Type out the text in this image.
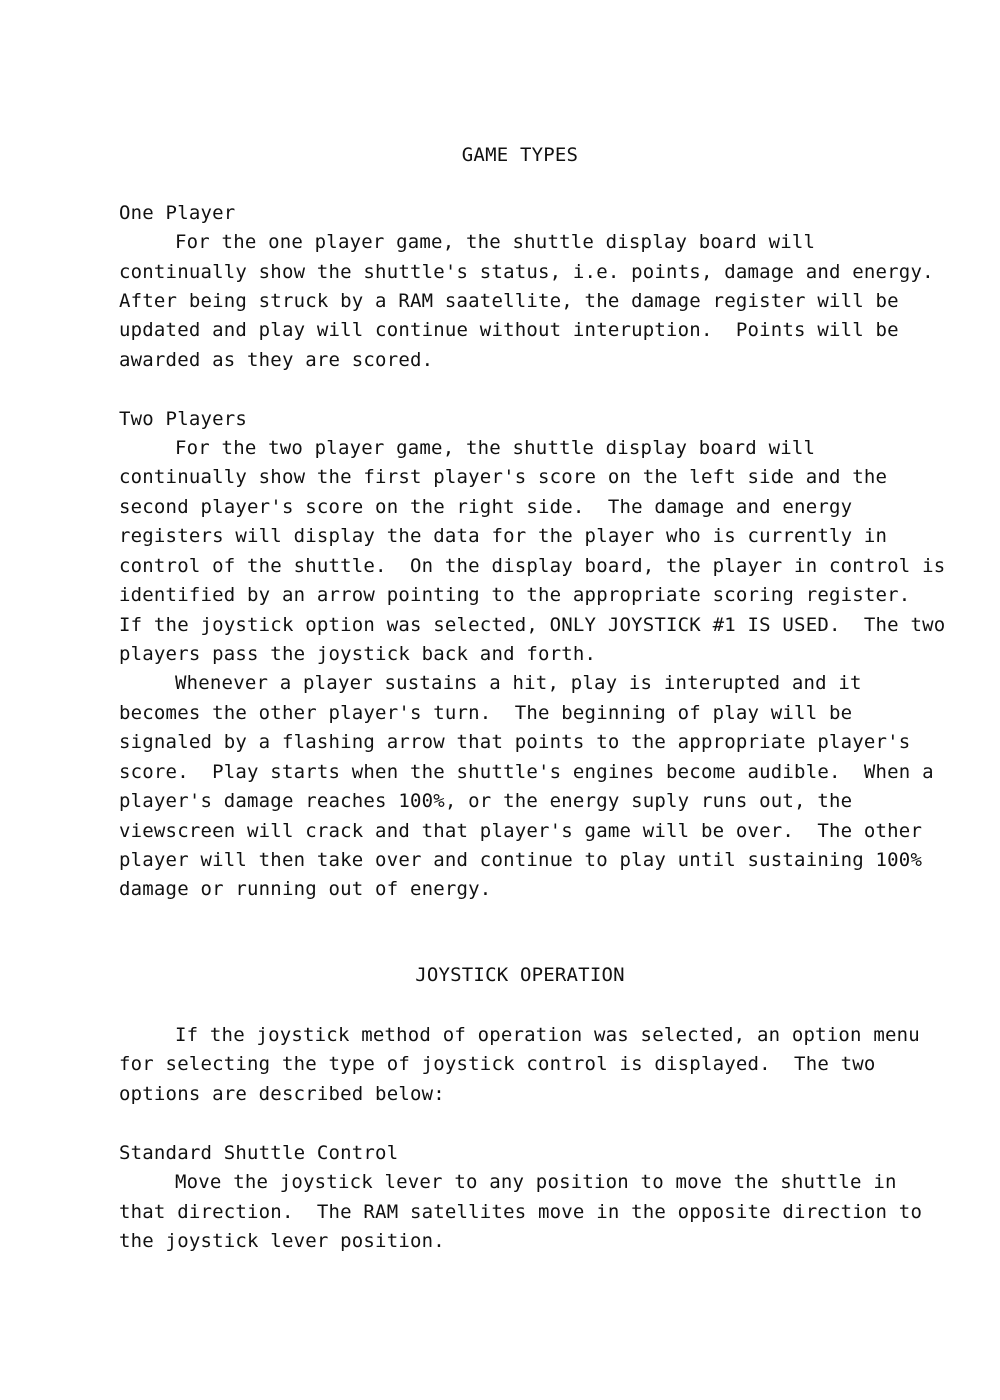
GAME TYPES

One Player

For the one player game, the shuttle display board will

continually show the shuttle's status, i.e. points, damage and energy.

After being struck by a RAM saatellite, the damage register will be

updated and play will continue without interuption.  Points will be

awarded as they are scored.

Two Players

For the two player game, the shuttle display board will

continually show the first player's score on the left side and the

second player's score on the right side.  The damage and energy

registers will display the data for the player who is currently in

control of the shuttle.  On the display board, the player in control is

identified by an arrow pointing to the appropriate scoring register.

If the joystick option was selected, ONLY JOYSTICK #1 IS USED.  The two

players pass the joystick back and forth.

Whenever a player sustains a hit, play is interupted and it

becomes the other player's turn.  The beginning of play will be

signaled by a flashing arrow that points to the appropriate player's

score.  Play starts when the shuttle's engines become audible.  When a

player's damage reaches 100%, or the energy suply runs out, the

viewscreen will crack and that player's game will be over.  The other

player will then take over and continue to play until sustaining 100%

damage or running out of energy.

JOYSTICK OPERATION

If the joystick method of operation was selected, an option menu

for selecting the type of joystick control is displayed.  The two

options are described below:

Standard Shuttle Control

Move the joystick lever to any position to move the shuttle in

that direction.  The RAM satellites move in the opposite direction to

the joystick lever position.
